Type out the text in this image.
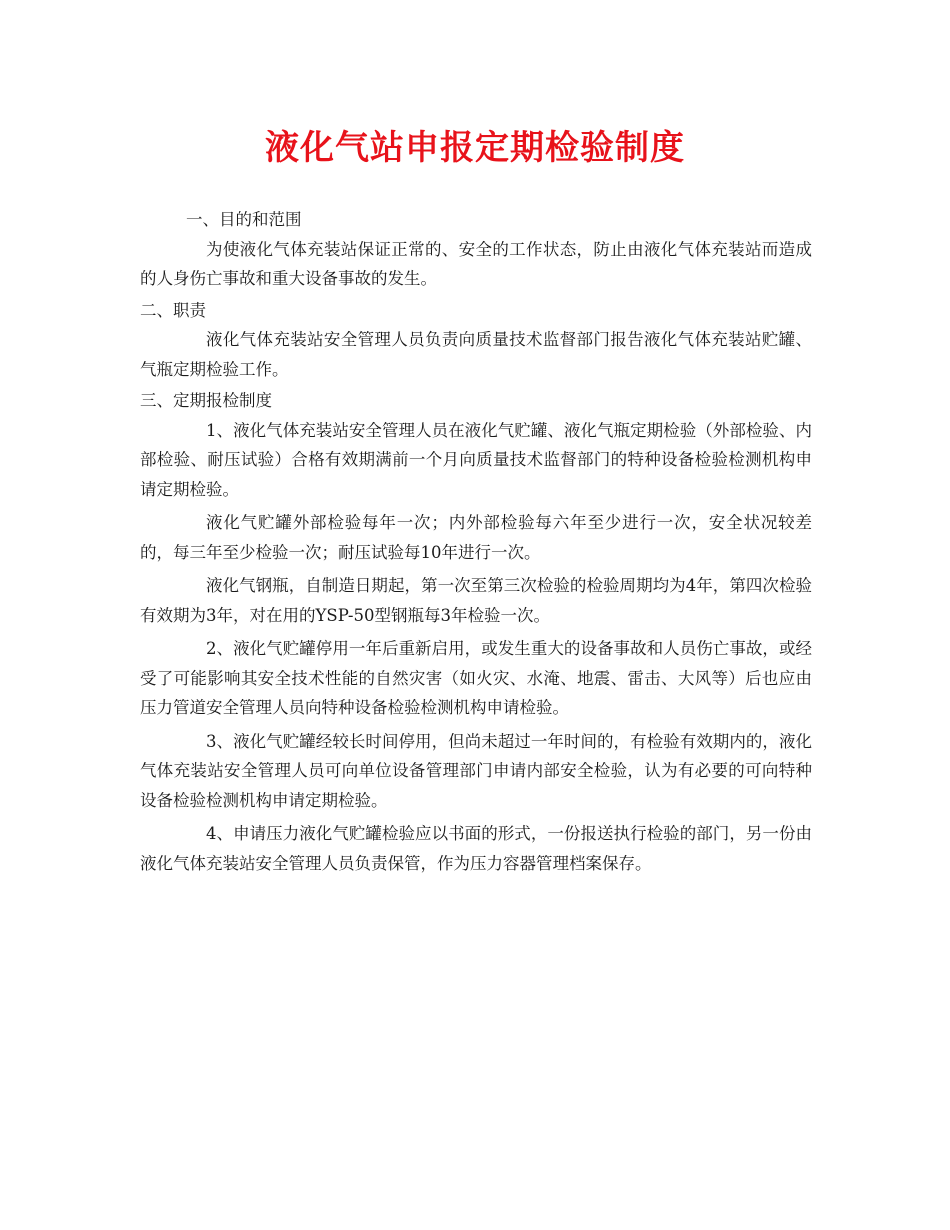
液化气站申报定期检验制度

一、目的和范围

为使液化气体充装站保证正常的、安全的工作状态，防止由液化气体充装站而造成的人身伤亡事故和重大设备事故的发生。

二、职责

液化气体充装站安全管理人员负责向质量技术监督部门报告液化气体充装站贮罐、气瓶定期检验工作。

三、定期报检制度

1、液化气体充装站安全管理人员在液化气贮罐、液化气瓶定期检验（外部检验、内部检验、耐压试验）合格有效期满前一个月向质量技术监督部门的特种设备检验检测机构申请定期检验。

液化气贮罐外部检验每年一次；内外部检验每六年至少进行一次，安全状况较差的，每三年至少检验一次；耐压试验每10年进行一次。

液化气钢瓶，自制造日期起，第一次至第三次检验的检验周期均为4年，第四次检验有效期为3年，对在用的YSP-50型钢瓶每3年检验一次。

2、液化气贮罐停用一年后重新启用，或发生重大的设备事故和人员伤亡事故，或经受了可能影响其安全技术性能的自然灾害（如火灾、水淹、地震、雷击、大风等）后也应由压力管道安全管理人员向特种设备检验检测机构申请检验。

3、液化气贮罐经较长时间停用，但尚未超过一年时间的，有检验有效期内的，液化气体充装站安全管理人员可向单位设备管理部门申请内部安全检验，认为有必要的可向特种设备检验检测机构申请定期检验。

4、申请压力液化气贮罐检验应以书面的形式，一份报送执行检验的部门，另一份由液化气体充装站安全管理人员负责保管，作为压力容器管理档案保存。
